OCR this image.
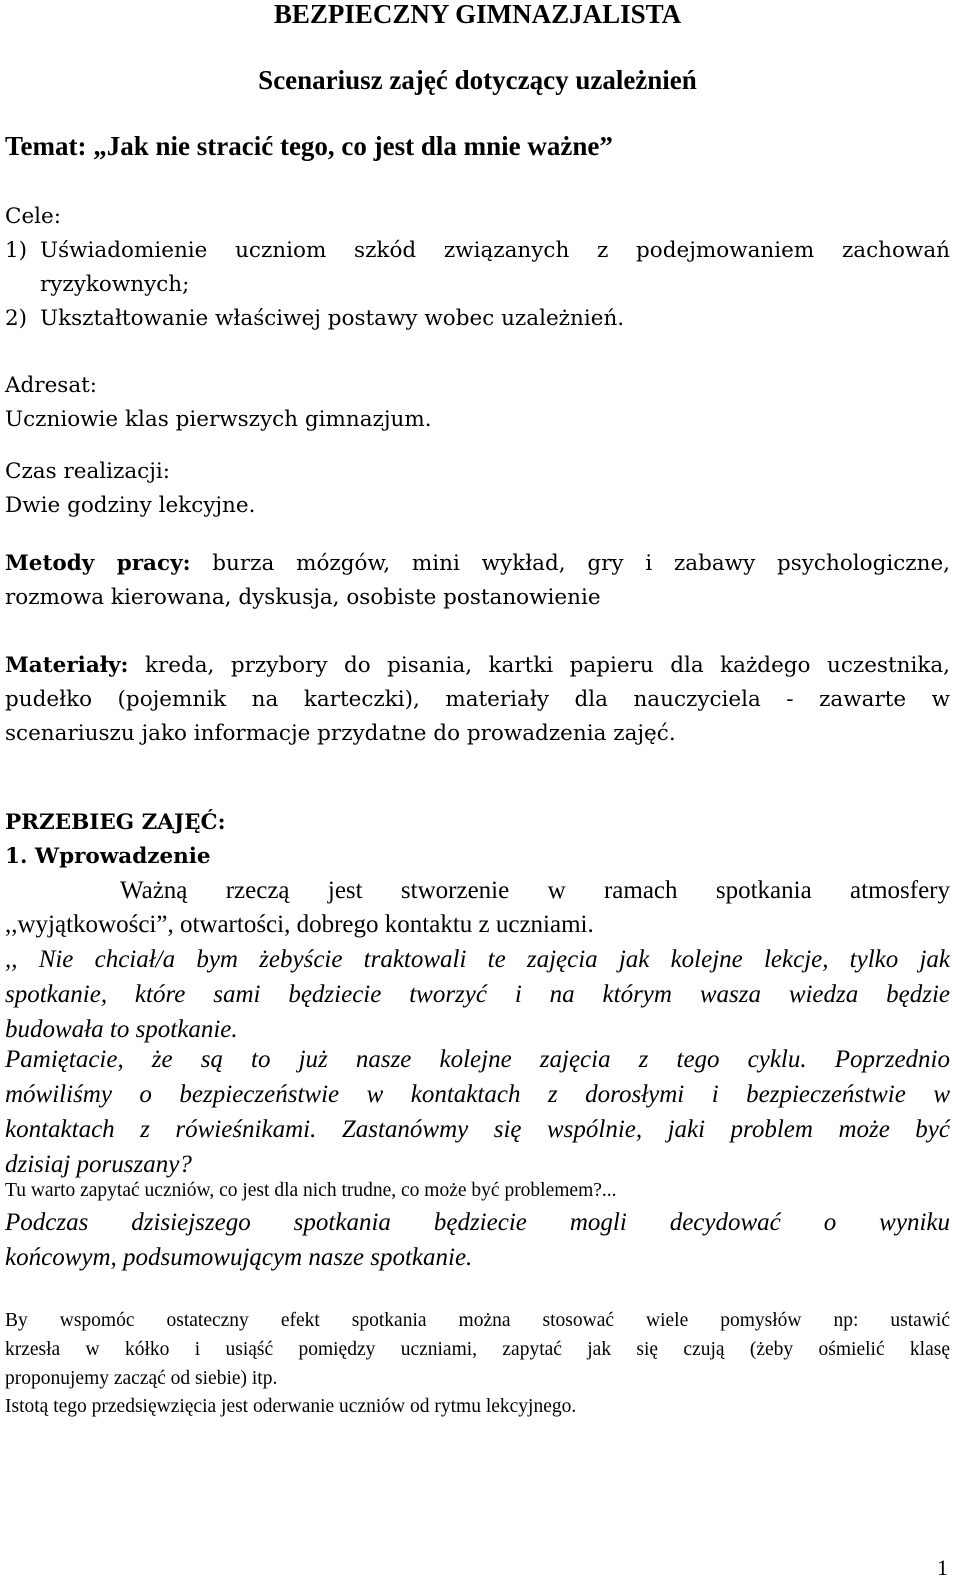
BEZPIECZNY GIMNAZJALISTA
Scenariusz zajęć dotyczący uzależnień

Temat: „Jak nie stracić tego, co jest dla mnie ważne”

Cele:
1) Uświadomienie uczniom szkód związanych z podejmowaniem zachowań
ryzykownych;
2) Ukształtowanie właściwej postawy wobec uzależnień.
Adresat:
Uczniowie klas pierwszych gimnazjum.
Czas realizacji:
Dwie godziny lekcyjne.
Metody pracy: burza mózgów, mini wykład, gry i zabawy psychologiczne,
rozmowa kierowana, dyskusja, osobiste postanowienie
Materiały: kreda, przybory do pisania, kartki papieru dla każdego uczestnika,
pudełko (pojemnik na karteczki), materiały dla nauczyciela - zawarte w
scenariuszu jako informacje przydatne do prowadzenia zajęć.
PRZEBIEG ZAJĘĆ:
1. Wprowadzenie
Ważną rzeczą jest stworzenie w ramach spotkania atmosfery
,,wyjątkowości”, otwartości, dobrego kontaktu z uczniami.
,, Nie chciał/a bym żebyście traktowali te zajęcia jak kolejne lekcje, tylko jak
spotkanie, które sami będziecie tworzyć i na którym wasza wiedza będzie
budowała to spotkanie.
Pamiętacie, że są to już nasze kolejne zajęcia z tego cyklu. Poprzednio
mówiliśmy o bezpieczeństwie w kontaktach z dorosłymi i bezpieczeństwie w
kontaktach z rówieśnikami. Zastanówmy się wspólnie, jaki problem może być
dzisiaj poruszany?

Tu warto zapytać uczniów, co jest dla nich trudne, co może być problemem?...

Podczas dzisiejszego spotkania będziecie mogli decydować o wyniku
końcowym, podsumowującym nasze spotkanie.
By wspomóc ostateczny efekt spotkania można stosować wiele pomysłów np: ustawić
krzesła w kółko i usiąść pomiędzy uczniami, zapytać jak się czują (żeby ośmielić klasę
proponujemy zacząć od siebie) itp.

Istotą tego przedsięwzięcia jest oderwanie uczniów od rytmu lekcyjnego.

1
